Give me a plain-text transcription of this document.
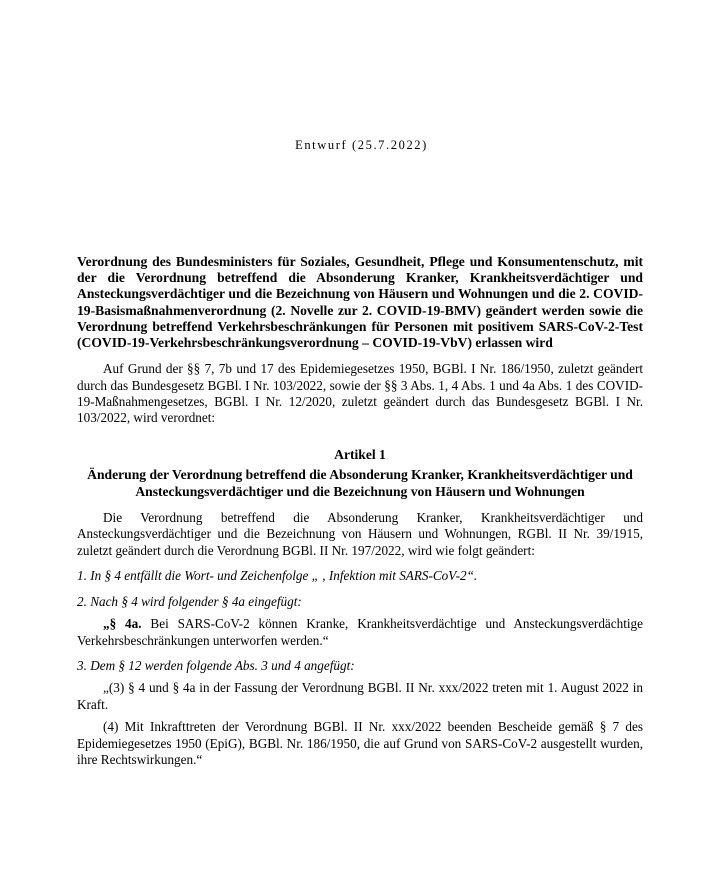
Entwurf (25.7.2022)

Verordnung des Bundesministers für Soziales, Gesundheit, Pflege und Konsumentenschutz, mit der die Verordnung betreffend die Absonderung Kranker, Krankheitsverdächtiger und Ansteckungsverdächtiger und die Bezeichnung von Häusern und Wohnungen und die 2. COVID-19-Basismaßnahmenverordnung (2. Novelle zur 2. COVID-19-BMV) geändert werden sowie die Verordnung betreffend Verkehrsbeschränkungen für Personen mit positivem SARS-CoV-2-Test (COVID-19-Verkehrsbeschränkungsverordnung – COVID-19-VbV) erlassen wird

Auf Grund der §§ 7, 7b und 17 des Epidemiegesetzes 1950, BGBl. I Nr. 186/1950, zuletzt geändert durch das Bundesgesetz BGBl. I Nr. 103/2022, sowie der §§ 3 Abs. 1, 4 Abs. 1 und 4a Abs. 1 des COVID-19-Maßnahmengesetzes, BGBl. I Nr. 12/2020, zuletzt geändert durch das Bundesgesetz BGBl. I Nr. 103/2022, wird verordnet:

Artikel 1
Änderung der Verordnung betreffend die Absonderung Kranker, Krankheitsverdächtiger und Ansteckungsverdächtiger und die Bezeichnung von Häusern und Wohnungen

Die Verordnung betreffend die Absonderung Kranker, Krankheitsverdächtiger und Ansteckungsverdächtiger und die Bezeichnung von Häusern und Wohnungen, RGBl. II Nr. 39/1915, zuletzt geändert durch die Verordnung BGBl. II Nr. 197/2022, wird wie folgt geändert:

1. In § 4 entfällt die Wort- und Zeichenfolge „ , Infektion mit SARS-CoV-2“.

2. Nach § 4 wird folgender § 4a eingefügt:

„§ 4a. Bei SARS-CoV-2 können Kranke, Krankheitsverdächtige und Ansteckungsverdächtige Verkehrsbeschränkungen unterworfen werden.“

3. Dem § 12 werden folgende Abs. 3 und 4 angefügt:

„(3) § 4 und § 4a in der Fassung der Verordnung BGBl. II Nr. xxx/2022 treten mit 1. August 2022 in Kraft.

(4) Mit Inkrafttreten der Verordnung BGBl. II Nr. xxx/2022 beenden Bescheide gemäß § 7 des Epidemiegesetzes 1950 (EpiG), BGBl. Nr. 186/1950, die auf Grund von SARS-CoV-2 ausgestellt wurden, ihre Rechtswirkungen.“
